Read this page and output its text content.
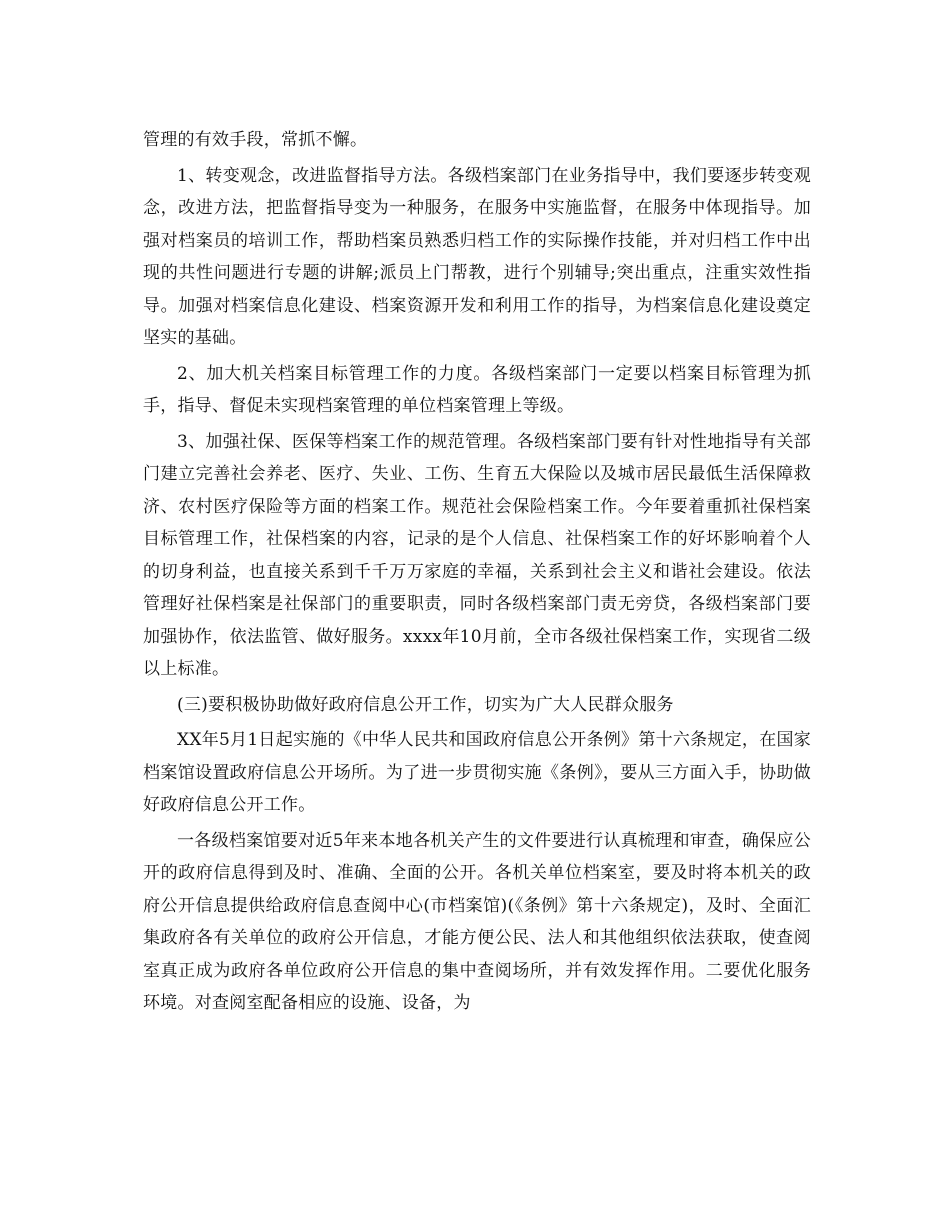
管理的有效手段，常抓不懈。

1、转变观念，改进监督指导方法。各级档案部门在业务指导中，我们要逐步转变观念，改进方法，把监督指导变为一种服务，在服务中实施监督，在服务中体现指导。加强对档案员的培训工作，帮助档案员熟悉归档工作的实际操作技能，并对归档工作中出现的共性问题进行专题的讲解;派员上门帮教，进行个别辅导;突出重点，注重实效性指导。加强对档案信息化建设、档案资源开发和利用工作的指导，为档案信息化建设奠定坚实的基础。

2、加大机关档案目标管理工作的力度。各级档案部门一定要以档案目标管理为抓手，指导、督促未实现档案管理的单位档案管理上等级。

3、加强社保、医保等档案工作的规范管理。各级档案部门要有针对性地指导有关部门建立完善社会养老、医疗、失业、工伤、生育五大保险以及城市居民最低生活保障救济、农村医疗保险等方面的档案工作。规范社会保险档案工作。今年要着重抓社保档案目标管理工作，社保档案的内容，记录的是个人信息、社保档案工作的好坏影响着个人的切身利益，也直接关系到千千万万家庭的幸福，关系到社会主义和谐社会建设。依法管理好社保档案是社保部门的重要职责，同时各级档案部门责无旁贷，各级档案部门要加强协作，依法监管、做好服务。xxxx年10月前，全市各级社保档案工作，实现省二级以上标准。

(三)要积极协助做好政府信息公开工作，切实为广大人民群众服务

XX年5月1日起实施的《中华人民共和国政府信息公开条例》第十六条规定，在国家档案馆设置政府信息公开场所。为了进一步贯彻实施《条例》，要从三方面入手，协助做好政府信息公开工作。

一各级档案馆要对近5年来本地各机关产生的文件要进行认真梳理和审查，确保应公开的政府信息得到及时、准确、全面的公开。各机关单位档案室，要及时将本机关的政府公开信息提供给政府信息查阅中心(市档案馆)(《条例》第十六条规定)，及时、全面汇集政府各有关单位的政府公开信息，才能方便公民、法人和其他组织依法获取，使查阅室真正成为政府各单位政府公开信息的集中查阅场所，并有效发挥作用。二要优化服务环境。对查阅室配备相应的设施、设备，为
